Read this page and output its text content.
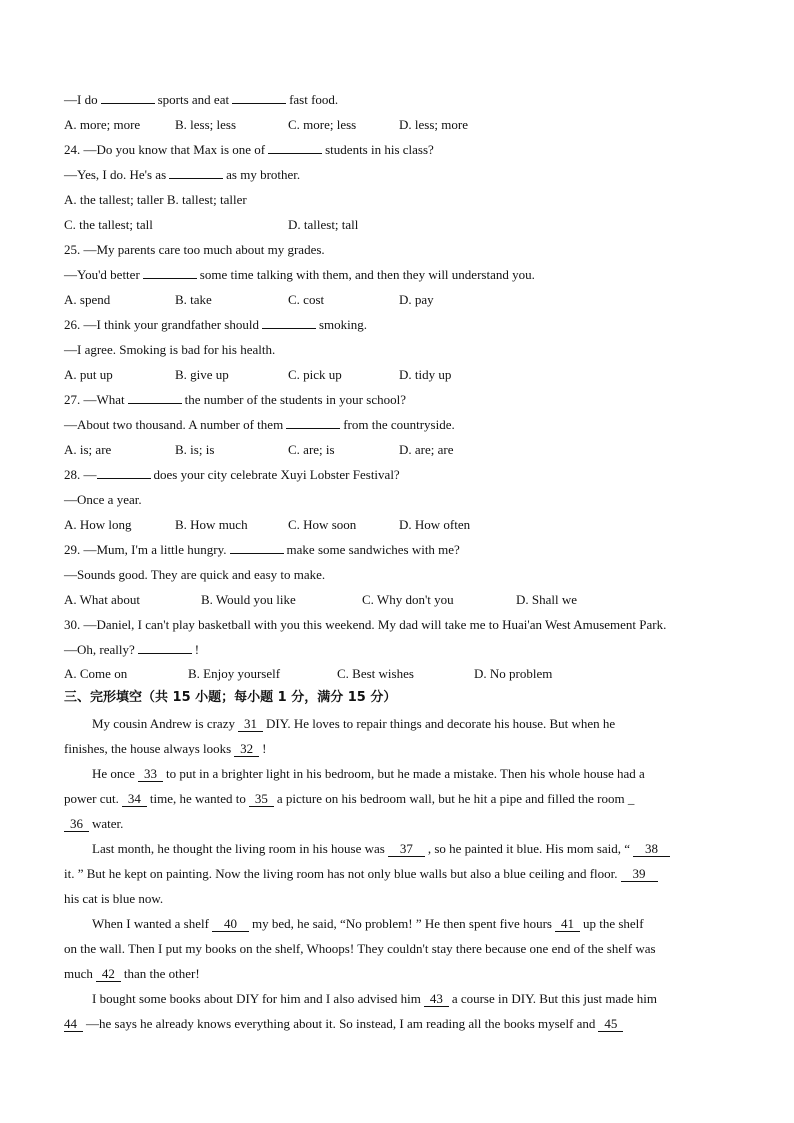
—I do	sports and eat	fast food.
A. more; more	B. less; less	C. more; less	D. less; more
24. —Do you know that Max is one of	students in his class?
—Yes, I do. He's as	as my brother.
A. the tallest; taller B. tallest; taller
C. the tallest; tall	D. tallest; tall
25. —My parents care too much about my grades.
—You'd better	some time talking with them, and then they will understand you.
A. spend	B. take	C. cost	D. pay
26. —I think your grandfather should	smoking.
—I agree. Smoking is bad for his health.
A. put up	B. give up	C. pick up	D. tidy up
27. —What	the number of the students in your school?
—About two thousand. A number of them	from the countryside.
A. is; are	B. is; is	C. are; is	D. are; are
28. —	does your city celebrate Xuyi Lobster Festival?
—Once a year.
A. How long	B. How much	C. How soon	D. How often
29. —Mum, I'm a little hungry.	make some sandwiches with me?
—Sounds good. They are quick and easy to make.
A. What about	B. Would you like	C. Why don't you	D. Shall we
30. —Daniel, I can't play basketball with you this weekend. My dad will take me to Huai'an West Amusement Park.
—Oh, really?	!
A. Come on	B. Enjoy yourself	C. Best wishes	D. No problem
三、完形填空（共 15 小题；每小题 1 分，满分 15 分）
My cousin Andrew is crazy 31 DIY. He loves to repair things and decorate his house. But when he
finishes, the house always looks 32 !
He once 33 to put in a brighter light in his bedroom, but he made a mistake. Then his whole house had a
power cut. 34 time, he wanted to 35 a picture on his bedroom wall, but he hit a pipe and filled the room _
36 water.
Last month, he thought the living room in his house was 37 , so he painted it blue. His mom said, “ 38
it. ” But he kept on painting. Now the living room has not only blue walls but also a blue ceiling and floor. 39
his cat is blue now.
When I wanted a shelf 40 my bed, he said, “No problem! ” He then spent five hours 41 up the shelf
on the wall. Then I put my books on the shelf, Whoops! They couldn't stay there because one end of the shelf was
much 42 than the other!
I bought some books about DIY for him and I also advised him 43 a course in DIY. But this just made him
44 —he says he already knows everything about it. So instead, I am reading all the books myself and 45
